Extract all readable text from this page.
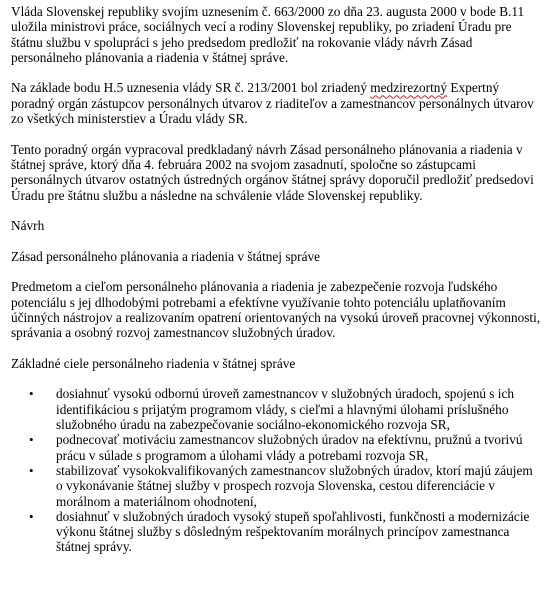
Vláda Slovenskej republiky svojím uznesením č. 663/2000 zo dňa 23. augusta 2000 v bode B.11 uložila ministrovi práce, sociálnych vecí a rodiny Slovenskej republiky, po zriadení Úradu pre štátnu službu v spolupráci s jeho predsedom predložiť na rokovanie vlády návrh Zásad personálneho plánovania a riadenia v štátnej správe.

Na základe bodu H.5 uznesenia vlády SR č. 213/2001 bol zriadený medzirezortný Expertný poradný orgán zástupcov personálnych útvarov z riaditeľov a zamestnancov personálnych útvarov zo všetkých ministerstiev a Úradu vlády SR.

Tento poradný orgán vypracoval predkladaný návrh Zásad personálneho plánovania a riadenia v štátnej správe, ktorý dňa 4. februára 2002 na svojom zasadnutí, spoločne so zástupcami personálnych útvarov ostatných ústredných orgánov štátnej správy doporučil predložiť predsedovi Úradu pre štátnu službu a následne na schválenie vláde Slovenskej republiky.

Návrh

Zásad personálneho plánovania a riadenia v štátnej správe

Predmetom a cieľom personálneho plánovania a riadenia je zabezpečenie rozvoja ľudského potenciálu s jej dlhodobými potrebami a efektívne využívanie tohto potenciálu uplatňovaním účinných nástrojov a realizovaním opatrení orientovaných na vysokú úroveň pracovnej výkonnosti, správania a osobný rozvoj zamestnancov služobných úradov.

Základné ciele personálneho riadenia v štátnej správe

• dosiahnuť vysokú odbornú úroveň zamestnancov v služobných úradoch, spojenú s ich identifikáciou s prijatým programom vlády, s cieľmi a hlavnými úlohami príslušného služobného úradu na zabezpečovanie sociálno-ekonomického rozvoja SR,
• podnecovať motiváciu zamestnancov služobných úradov na efektívnu, pružnú a tvorivú prácu v súlade s programom a úlohami vlády a potrebami rozvoja SR,
• stabilizovať vysokokvalifikovaných zamestnancov služobných úradov, ktorí majú záujem o vykonávanie štátnej služby v prospech rozvoja Slovenska, cestou diferenciácie v morálnom a materiálnom ohodnotení,
• dosiahnuť v služobných úradoch vysoký stupeň spoľahlivosti, funkčnosti a modernizácie výkonu štátnej služby s dôsledným rešpektovaním morálnych princípov zamestnanca štátnej správy.
